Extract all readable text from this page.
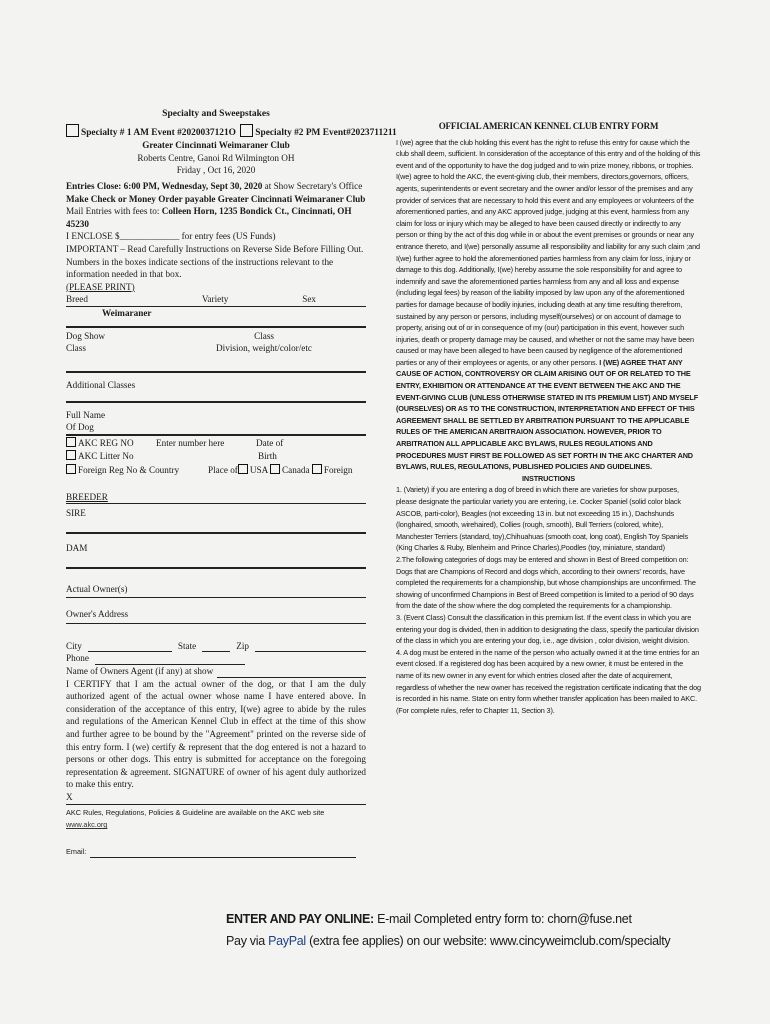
Specialty and Sweepstakes
Specialty # 1 AM Event #2020037121O Specialty #2 PM Event#2023711211
Greater Cincinnati Weimaraner Club
Roberts Centre, Ganoi Rd Wilmington OH
Friday , Oct 16, 2020
Entries Close: 6:00 PM, Wednesday, Sept 30, 2020 at Show Secretary's Office
Make Check or Money Order payable Greater Cincinnati Weimaraner Club
Mail Entries with fees to: Colleen Horn, 1235 Bondick Ct., Cincinnati, OH 45230
I ENCLOSE $_____________ for entry fees (US Funds)
IMPORTANT – Read Carefully Instructions on Reverse Side Before Filling Out. Numbers in the boxes indicate sections of the instructions relevant to the information needed in that box.
(PLEASE PRINT)
Breed	Variety	Sex
Weimaraner
Dog Show
Class
Class
Division, weight/color/etc
Additional Classes
Full Name
Of Dog
AKC REG NO Enter number here	Date of
AKC Litter No	Birth
Foreign Reg No & Country	Place of USA Canada Foreign
BREEDER
SIRE
DAM
Actual Owner(s)
Owner's Address
City	State	Zip
Phone
Name of Owners Agent (if any) at show
I CERTIFY that I am the actual owner of the dog, or that I am the duly authorized agent of the actual owner whose name I have entered above. In consideration of the acceptance of this entry, I(we) agree to abide by the rules and regulations of the American Kennel Club in effect at the time of this show and further agree to be bound by the "Agreement" printed on the reverse side of this entry form. I (we) certify & represent that the dog entered is not a hazard to persons or other dogs. This entry is submitted for acceptance on the foregoing representation & agreement. SIGNATURE of owner of his agent duly authorized to make this entry.
X
AKC Rules, Regulations, Policies & Guideline are available on the AKC web site www.akc.org
Email:
OFFICIAL AMERICAN KENNEL CLUB ENTRY FORM

I (we) agree that the club holding this event has the right to refuse this entry for cause which the club shall deem, sufficient. In consideration of the acceptance of this entry and of the holding of this event and of the opportunity to have the dog judged and to win prize money, ribbons, or trophies. I(we) agree to hold the AKC, the event-giving club, their members, directors,governors, officers, agents, superintendents or event secretary and the owner and/or lessor of the premises and any provider of services that are necessary to hold this event and any employees or volunteers of the aforementioned parties, and any AKC approved judge, judging at this event, harmless from any claim for loss or injury which may be alleged to have been caused directly or indirectly to any person or thing by the act of this dog while in or about the event premises or grounds or near any entrance thereto, and I(we) personally assume all responsibility and liability for any such claim ;and I(we) further agree to hold the aforementioned parties harmless from any claim for loss, injury or damage to this dog. Additionally, I(we) hereby assume the sole responsibility for and agree to indemnify and save the aforementioned parties harmless from any and all loss and expense (including legal fees) by reason of the liability imposed by law upon any of the aforementioned parties for damage because of bodily injuries, including death at any time resulting therefrom, sustained by any person or persons, including myself(ourselves) or on account of damage to property, arising out of or in consequence of my (our) participation in this event, however such injuries, death or property damage may be caused, and whether or not the same may have been caused or may have been alleged to have been caused by negligence of the aforementioned parties or any of their employees or agents, or any other persons. I (WE) AGREE THAT ANY CAUSE OF ACTION, CONTROVERSY OR CLAIM ARISING OUT OF OR RELATED TO THE ENTRY, EXHIBITION OR ATTENDANCE AT THE EVENT BETWEEN THE AKC AND THE EVENT-GIVING CLUB (UNLESS OTHERWISE STATED IN ITS PREMIUM LIST) AND MYSELF (OURSELVES) OR AS TO THE CONSTRUCTION, INTERPRETATION AND EFFECT OF THIS AGREEMENT SHALL BE SETTLED BY ARBITRATION PURSUANT TO THE APPLICABLE RULES OF THE AMERICAN ARBITRAION ASSOCIATION. HOWEVER, PRIOR TO ARBITRATION ALL APPLICABLE AKC BYLAWS, RULES REGULATIONS AND PROCEDURES MUST FIRST BE FOLLOWED AS SET FORTH IN THE AKC CHARTER AND BYLAWS, RULES, REGULATIONS, PUBLISHED POLICIES AND GUIDELINES.

INSTRUCTIONS

1. (Variety) if you are entering a dog of breed in which there are varieties for show purposes, please designate the particular variety you are entering, i.e. Cocker Spaniel (solid color black ASCOB, parti-color), Beagles (not exceeding 13 in. but not exceeding 15 in.), Dachshunds (longhaired, smooth, wirehaired), Collies (rough, smooth), Bull Terriers (colored, white), Manchester Terriers (standard, toy),Chihuahuas (smooth coat, long coat), English Toy Spaniels (King Charles & Ruby, Blenheim and Prince Charles),Poodles (toy, miniature, standard)

2.The following categories of dogs may be entered and shown in Best of Breed competition on: Dogs that are Champions of Record and dogs which, according to their owners' records, have completed the requirements for a championship, but whose championships are unconfirmed. The showing of unconfirmed Champions in Best of Breed competition is limited to a period of 90 days from the date of the show where the dog completed the requirements for a championship.

3. (Event Class) Consult the classification in this premium list. If the event class in which you are entering your dog is divided, then in addition to designating the class, specify the particular division of the class in which you are entering your dog, i.e., age division , color division, weight division.

4. A dog must be entered in the name of the person who actually owned it at the time entries for an event closed. If a registered dog has been acquired by a new owner, it must be entered in the name of its new owner in any event for which entries closed after the date of acquirement, regardless of whether the new owner has received the registration certificate indicating that the dog is recorded in his name. State on entry form whether transfer application has been mailed to AKC. (For complete rules, refer to Chapter 11, Section 3).

ENTER AND PAY ONLINE: E-mail Completed entry form to: chorn@fuse.net
Pay via PayPal (extra fee applies) on our website: www.cincyweimclub.com/specialty
